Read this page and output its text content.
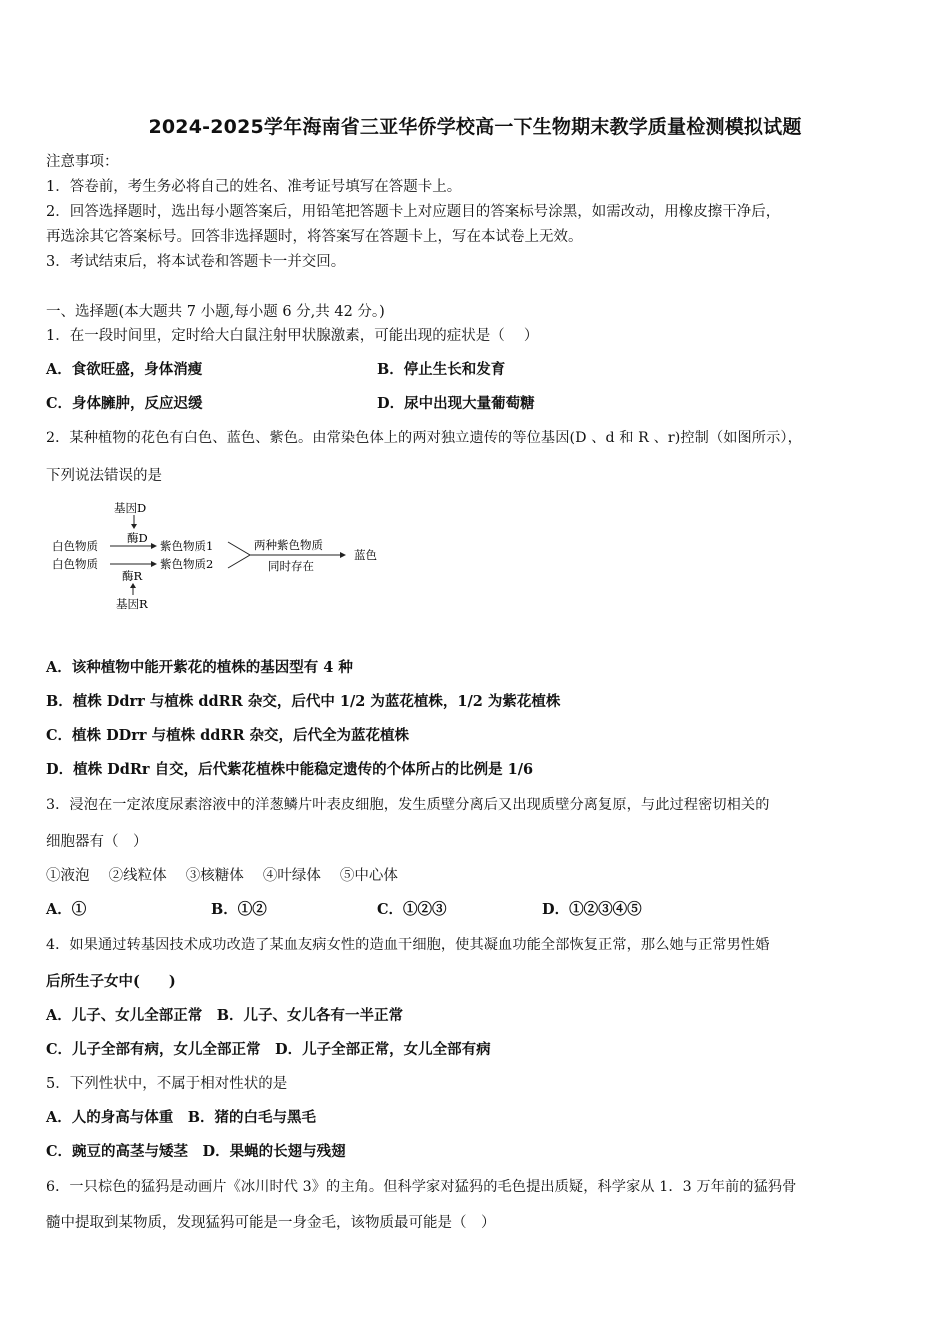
2024-2025学年海南省三亚华侨学校高一下生物期末教学质量检测模拟试题
注意事项：
1．答卷前，考生务必将自己的姓名、准考证号填写在答题卡上。
2．回答选择题时，选出每小题答案后，用铅笔把答题卡上对应题目的答案标号涂黑，如需改动，用橡皮擦干净后，
再选涂其它答案标号。回答非选择题时，将答案写在答题卡上，写在本试卷上无效。
3．考试结束后，将本试卷和答题卡一并交回。
一、选择题(本大题共 7 小题,每小题 6 分,共 42 分。)
1．在一段时间里，定时给大白鼠注射甲状腺激素，可能出现的症状是（　 ）
A．食欲旺盛，身体消瘦	B．停止生长和发育
C．身体臃肿，反应迟缓	D．尿中出现大量葡萄糖
2．某种植物的花色有白色、蓝色、紫色。由常染色体上的两对独立遗传的等位基因(D 、d 和 R 、r)控制（如图所示），
下列说法错误的是
基因D
酶D
白色物质	紫色物质1
白色物质	紫色物质2
酶R
基因R
两种紫色物质
同时存在
蓝色
A．该种植物中能开紫花的植株的基因型有 4 种
B．植株 Ddrr 与植株 ddRR 杂交，后代中 1/2 为蓝花植株，1/2 为紫花植株
C．植株 DDrr 与植株 ddRR 杂交，后代全为蓝花植株
D．植株 DdRr 自交，后代紫花植株中能稳定遗传的个体所占的比例是 1/6
3．浸泡在一定浓度尿素溶液中的洋葱鳞片叶表皮细胞，发生质壁分离后又出现质壁分离复原，与此过程密切相关的
细胞器有（　）
①液泡　 ②线粒体　 ③核糖体　 ④叶绿体　 ⑤中心体
A．①	B．①②	C．①②③	D．①②③④⑤
4．如果通过转基因技术成功改造了某血友病女性的造血干细胞，使其凝血功能全部恢复正常，那么她与正常男性婚
后所生子女中(　　)
A．儿子、女儿全部正常　B．儿子、女儿各有一半正常
C．儿子全部有病，女儿全部正常　D．儿子全部正常，女儿全部有病
5．下列性状中，不属于相对性状的是
A．人的身高与体重　B．猪的白毛与黑毛
C．豌豆的高茎与矮茎　D．果蝇的长翅与残翅
6．一只棕色的猛犸是动画片《冰川时代 3》的主角。但科学家对猛犸的毛色提出质疑，科学家从 1．3 万年前的猛犸骨
髓中提取到某物质，发现猛犸可能是一身金毛，该物质最可能是（　）
